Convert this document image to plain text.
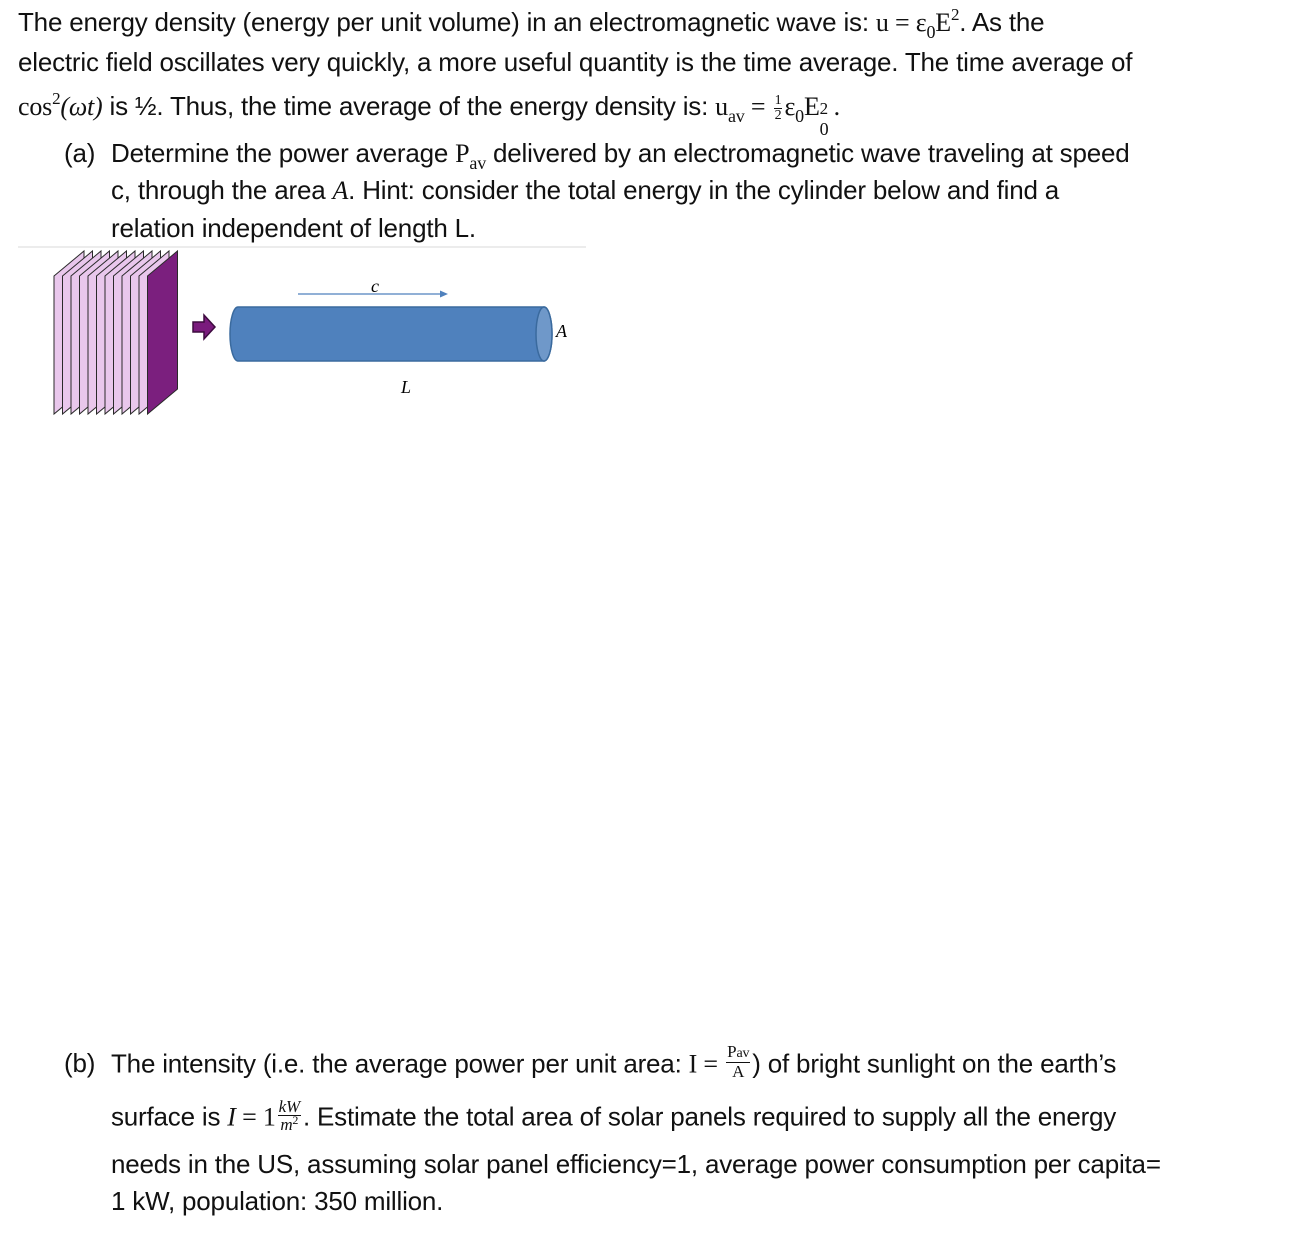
The energy density (energy per unit volume) in an electromagnetic wave is: $u = \varepsilon_0E^2$. As the
electric field oscillates very quickly, a more useful quantity is the time average. The time average of
$\cos^2(\omega t)$ is ½. Thus, the time average of the energy density is: $u_{av} = \frac{1}{2} \varepsilon_0E$ 2
0
.
(a) Determine the power average $P_{av}$ delivered by an electromagnetic wave traveling at speed
c, through the area A. Hint: consider the total energy in the cylinder below and find a
relation independent of length L.
c
A
L
(b) The intensity (i.e. the average power per unit area: $I = \frac{\text{Pav}}{A}$ ) of bright sunlight on the earth’s
surface is $I = 1 \frac{kW}{m^2}$ . Estimate the total area of solar panels required to supply all the energy
needs in the US, assuming solar panel efficiency=1, average power consumption per capita=
1 kW, population: 350 million.
